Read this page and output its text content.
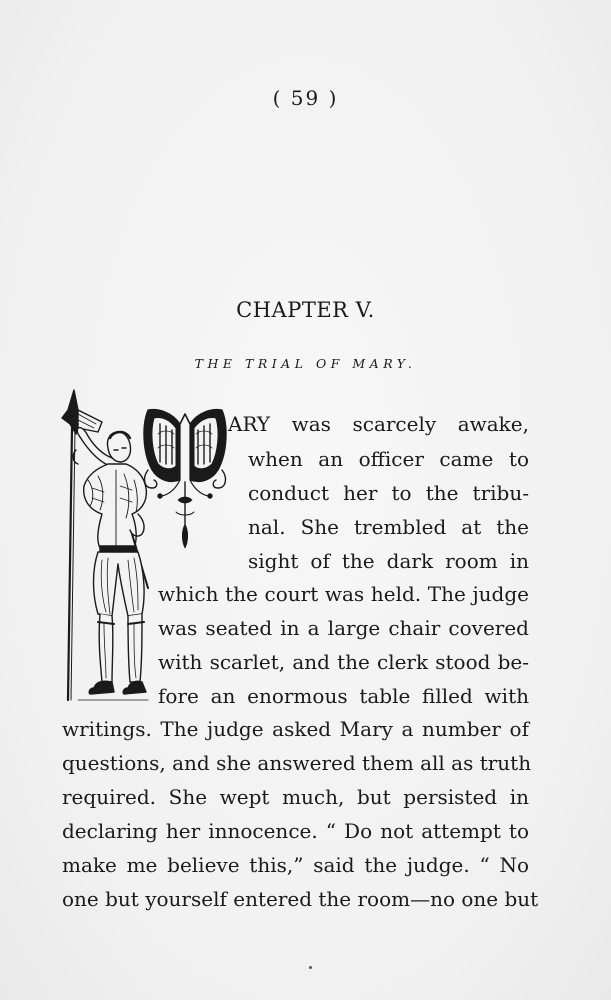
( 59 )
CHAPTER V.
THE TRIAL OF MARY.
ARY was scarcely awake,
when an officer came to
conduct her to the tribu-
nal. She trembled at the
sight of the dark room in
which the court was held. The judge
was seated in a large chair covered
with scarlet, and the clerk stood be-
fore an enormous table filled with
writings. The judge asked Mary a number of
questions, and she answered them all as truth
required. She wept much, but persisted in
declaring her innocence. “ Do not attempt to
make me believe this,” said the judge. “ No
one but yourself entered the room—no one but
